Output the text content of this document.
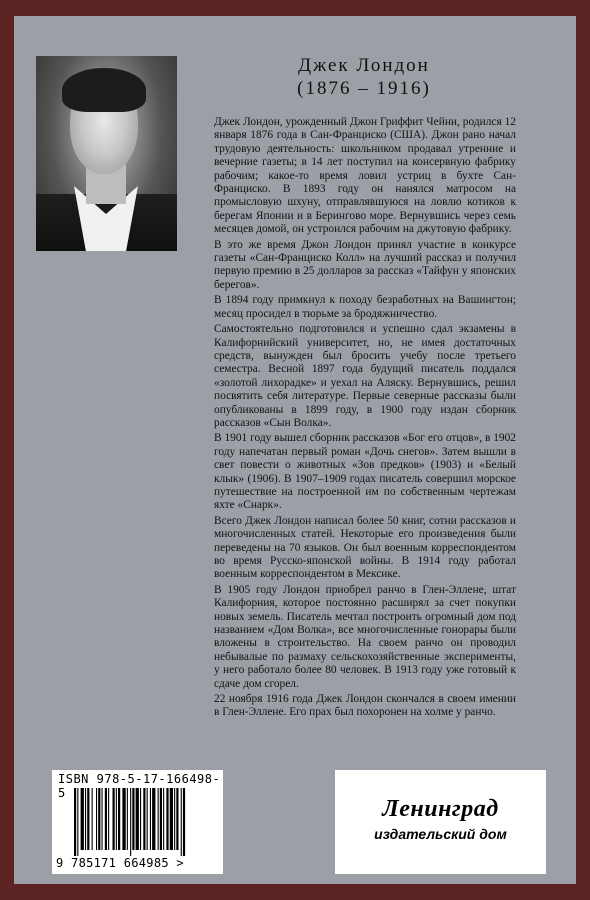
Джек Лондон
(1876 – 1916)

Джек Лондон, урожденный Джон Гриффит Чейни, родился 12 января 1876 года в Сан-Франциско (США). Джон рано начал трудовую деятельность: школьником продавал утренние и вечерние газеты; в 14 лет поступил на консервную фабрику рабочим; какое-то время ловил устриц в бухте Сан-Франциско. В 1893 году он нанялся матросом на промысловую шхуну, отправлявшуюся на ловлю котиков к берегам Японии и в Берингово море. Вернувшись через семь месяцев домой, он устроился рабочим на джутовую фабрику.

В это же время Джон Лондон принял участие в конкурсе газеты «Сан-Франциско Колл» на лучший рассказ и получил первую премию в 25 долларов за рассказ «Тайфун у японских берегов».

В 1894 году примкнул к походу безработных на Вашингтон; месяц просидел в тюрьме за бродяжничество.

Самостоятельно подготовился и успешно сдал экзамены в Калифорнийский университет, но, не имея достаточных средств, вынужден был бросить учебу после третьего семестра. Весной 1897 года будущий писатель поддался «золотой лихорадке» и уехал на Аляску. Вернувшись, решил посвятить себя литературе. Первые северные рассказы были опубликованы в 1899 году, в 1900 году издан сборник рассказов «Сын Волка».

В 1901 году вышел сборник рассказов «Бог его отцов», в 1902 году напечатан первый роман «Дочь снегов». Затем вышли в свет повести о животных «Зов предков» (1903) и «Белый клык» (1906). В 1907–1909 годах писатель совершил морское путешествие на построенной им по собственным чертежам яхте «Снарк».

Всего Джек Лондон написал более 50 книг, сотни рассказов и многочисленных статей. Некоторые его произведения были переведены на 70 языков. Он был военным корреспондентом во время Русско-японской войны. В 1914 году работал военным корреспондентом в Мексике.

В 1905 году Лондон приобрел ранчо в Глен-Эллене, штат Калифорния, которое постоянно расширял за счет покупки новых земель. Писатель мечтал построить огромный дом под названием «Дом Волка», все многочисленные гонорары были вложены в строительство. На своем ранчо он проводил небывалые по размаху сельскохозяйственные эксперименты, у него работало более 80 человек. В 1913 году уже готовый к сдаче дом сгорел.

22 ноября 1916 года Джек Лондон скончался в своем имении в Глен-Эллене. Его прах был похоронен на холме у ранчо.

ISBN 978-5-17-166498-5
9 785171 664985 >
Ленинград
издательский дом
